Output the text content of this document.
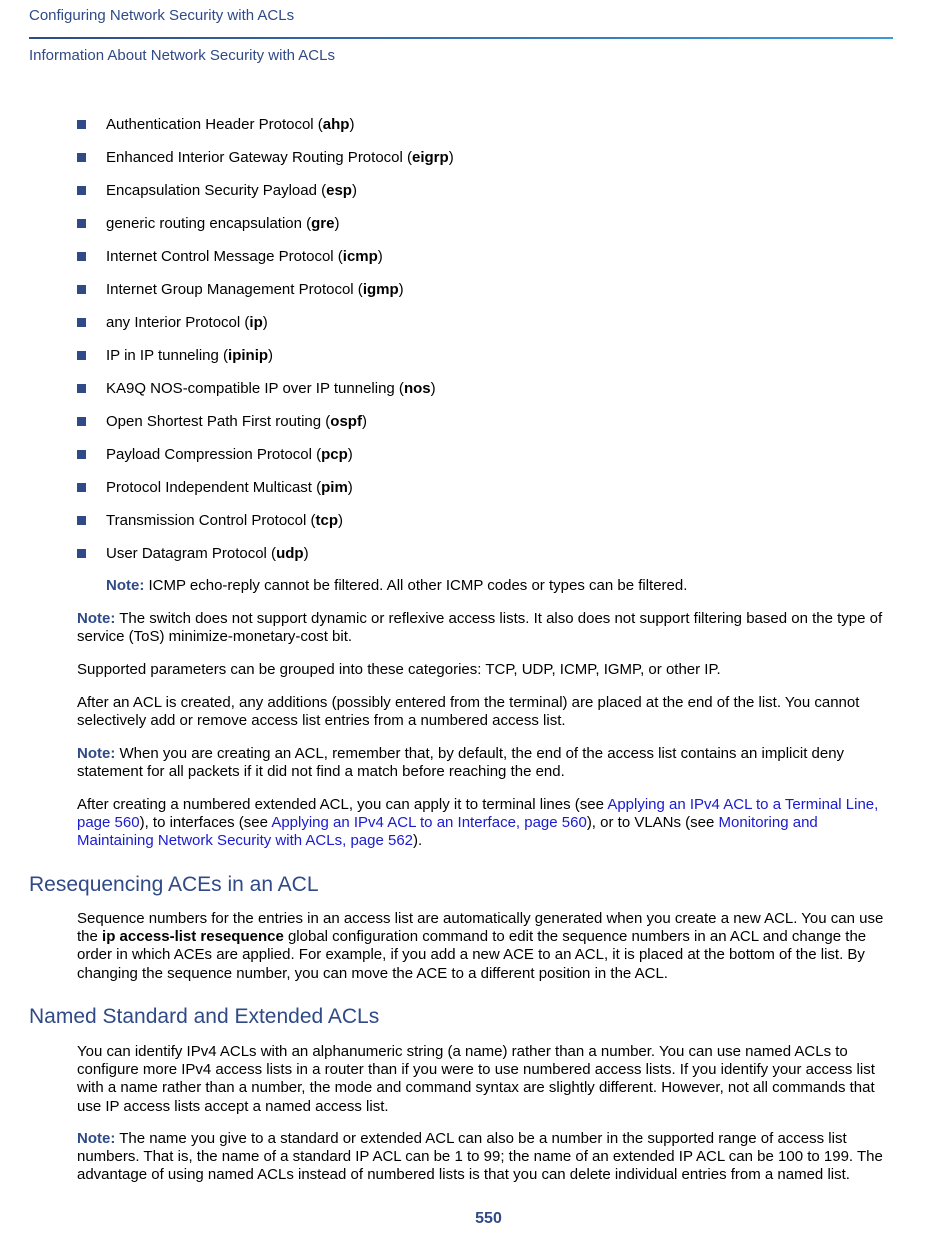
Configuring Network Security with ACLs
Information About Network Security with ACLs
Authentication Header Protocol (ahp)
Enhanced Interior Gateway Routing Protocol (eigrp)
Encapsulation Security Payload (esp)
generic routing encapsulation (gre)
Internet Control Message Protocol (icmp)
Internet Group Management Protocol (igmp)
any Interior Protocol (ip)
IP in IP tunneling (ipinip)
KA9Q NOS-compatible IP over IP tunneling (nos)
Open Shortest Path First routing (ospf)
Payload Compression Protocol (pcp)
Protocol Independent Multicast (pim)
Transmission Control Protocol (tcp)
User Datagram Protocol (udp)

Note: ICMP echo-reply cannot be filtered. All other ICMP codes or types can be filtered.

Note: The switch does not support dynamic or reflexive access lists. It also does not support filtering based on the type of service (ToS) minimize-monetary-cost bit.

Supported parameters can be grouped into these categories: TCP, UDP, ICMP, IGMP, or other IP.

After an ACL is created, any additions (possibly entered from the terminal) are placed at the end of the list. You cannot selectively add or remove access list entries from a numbered access list.

Note: When you are creating an ACL, remember that, by default, the end of the access list contains an implicit deny statement for all packets if it did not find a match before reaching the end.

After creating a numbered extended ACL, you can apply it to terminal lines (see Applying an IPv4 ACL to a Terminal Line, page 560), to interfaces (see Applying an IPv4 ACL to an Interface, page 560), or to VLANs (see Monitoring and Maintaining Network Security with ACLs, page 562).

Resequencing ACEs in an ACL

Sequence numbers for the entries in an access list are automatically generated when you create a new ACL. You can use the ip access-list resequence global configuration command to edit the sequence numbers in an ACL and change the order in which ACEs are applied. For example, if you add a new ACE to an ACL, it is placed at the bottom of the list. By changing the sequence number, you can move the ACE to a different position in the ACL.

Named Standard and Extended ACLs

You can identify IPv4 ACLs with an alphanumeric string (a name) rather than a number. You can use named ACLs to configure more IPv4 access lists in a router than if you were to use numbered access lists. If you identify your access list with a name rather than a number, the mode and command syntax are slightly different. However, not all commands that use IP access lists accept a named access list.

Note: The name you give to a standard or extended ACL can also be a number in the supported range of access list numbers. That is, the name of a standard IP ACL can be 1 to 99; the name of an extended IP ACL can be 100 to 199. The advantage of using named ACLs instead of numbered lists is that you can delete individual entries from a named list.

550
